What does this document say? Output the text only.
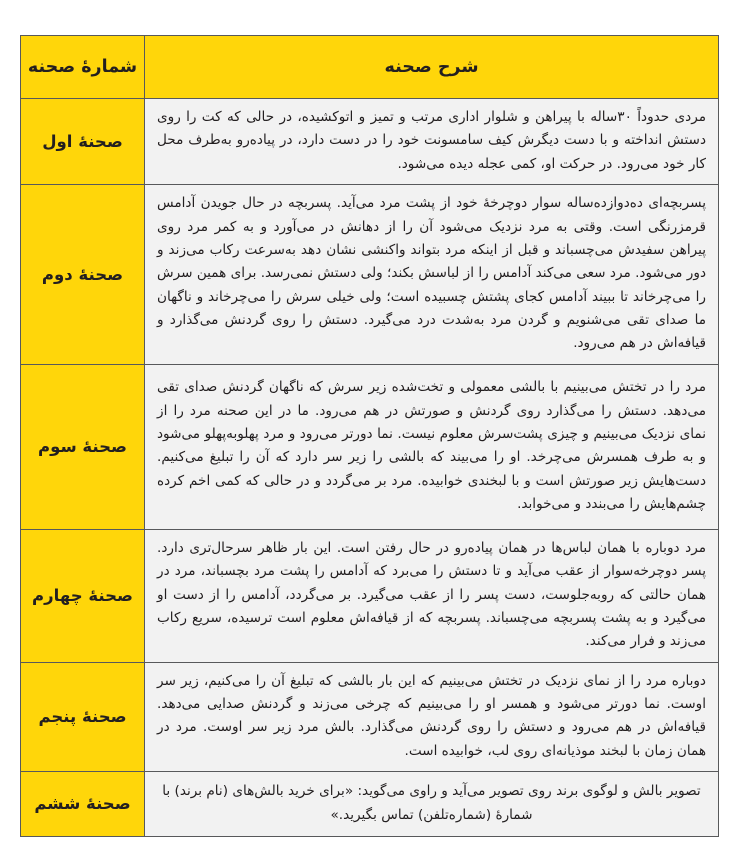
شرح صحنه	شمارهٔ صحنه

مردی حدوداً ۳۰ساله با پیراهن و شلوار اداری مرتب و تمیز و اتوکشیده، در حالی که کت را روی دستش انداخته و با دست دیگرش کیف سامسونت خود را در دست دارد، در پیاده‌رو به‌طرف محل کار خود می‌رود. در حرکت او، کمی عجله دیده می‌شود.	صحنهٔ اول

پسربچه‌ای ده‌دوازده‌ساله سوار دوچرخهٔ خود از پشت مرد می‌آید. پسربچه در حال جویدن آدامس قرمزرنگی است. وقتی به مرد نزدیک می‌شود آن را از دهانش در می‌آورد و به کمر مرد روی پیراهن سفیدش می‌چسباند و قبل از اینکه مرد بتواند واکنشی نشان دهد به‌سرعت رکاب می‌زند و دور می‌شود. مرد سعی می‌کند آدامس را از لباسش بکند؛ ولی دستش نمی‌رسد. برای همین سرش را می‌چرخاند تا ببیند آدامس کجای پشتش چسبیده است؛ ولی خیلی سرش را می‌چرخاند و ناگهان ما صدای تقی می‌شنویم و گردن مرد به‌شدت درد می‌گیرد. دستش را روی گردنش می‌گذارد و قیافه‌اش در هم می‌رود.	صحنهٔ دوم

مرد را در تختش می‌بینیم با بالشی معمولی و تخت‌شده زیر سرش که ناگهان گردنش صدای تقی می‌دهد. دستش را می‌گذارد روی گردنش و صورتش در هم می‌رود. ما در این صحنه مرد را از نمای نزدیک می‌بینیم و چیزی پشت‌سرش معلوم نیست. نما دورتر می‌رود و مرد پهلوبه‌پهلو می‌شود و به طرف همسرش می‌چرخد. او را می‌بیند که بالشی را زیر سر دارد که آن را تبلیغ می‌کنیم. دست‌هایش زیر صورتش است و با لبخندی خوابیده. مرد بر می‌گردد و در حالی که کمی اخم کرده چشم‌هایش را می‌بندد و می‌خوابد.	صحنهٔ سوم

مرد دوباره با همان لباس‌ها در همان پیاده‌رو در حال رفتن است. این بار ظاهر سرحال‌تری دارد. پسر دوچرخه‌سوار از عقب می‌آید و تا دستش را می‌برد که آدامس را پشت مرد بچسباند، مرد در همان حالتی که روبه‌جلوست، دست پسر را از عقب می‌گیرد. بر می‌گردد، آدامس را از دست او می‌گیرد و به پشت پسربچه می‌چسباند. پسربچه که از قیافه‌اش معلوم است ترسیده، سریع رکاب می‌زند و فرار می‌کند.	صحنهٔ چهارم

دوباره مرد را از نمای نزدیک در تختش می‌بینیم که این بار بالشی که تبلیغ آن را می‌کنیم، زیر سر اوست. نما دورتر می‌شود و همسر او را می‌بینیم که چرخی می‌زند و گردنش صدایی می‌دهد. قیافه‌اش در هم می‌رود و دستش را روی گردنش می‌گذارد. بالش مرد زیر سر اوست. مرد در همان زمان با لبخند موذیانه‌ای روی لب، خوابیده است.	صحنهٔ پنجم

تصویر بالش و لوگوی برند روی تصویر می‌آید و راوی می‌گوید: «برای خرید بالش‌های (نام برند) با شمارهٔ (شماره‌تلفن) تماس بگیرید.»	صحنهٔ ششم
